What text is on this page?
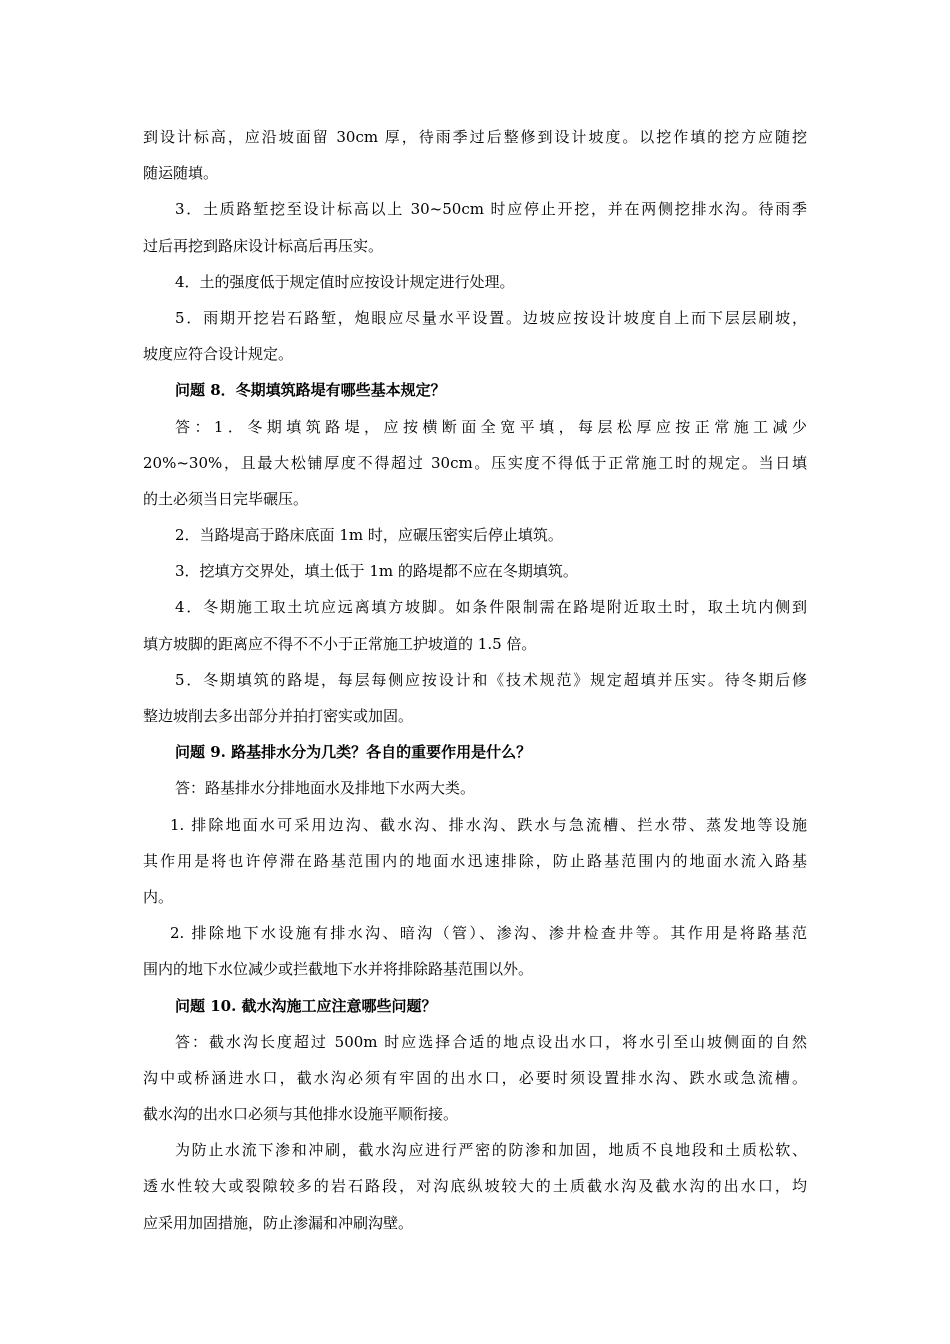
到设计标高，应沿坡面留 30cm 厚，待雨季过后整修到设计坡度。以挖作填的挖方应随挖
随运随填。
3．土质路堑挖至设计标高以上 30~50cm 时应停止开挖，并在两侧挖排水沟。待雨季
过后再挖到路床设计标高后再压实。
4．土的强度低于规定值时应按设计规定进行处理。
5．雨期开挖岩石路堑，炮眼应尽量水平设置。边坡应按设计坡度自上而下层层刷坡，
坡度应符合设计规定。
问题 8．冬期填筑路堤有哪些基本规定？
答：1．冬期填筑路堤，应按横断面全宽平填，每层松厚应按正常施工减少
20%~30%，且最大松铺厚度不得超过 30cm。压实度不得低于正常施工时的规定。当日填
的土必须当日完毕碾压。
2．当路堤高于路床底面 1m 时，应碾压密实后停止填筑。
3．挖填方交界处，填土低于 1m 的路堤都不应在冬期填筑。
4．冬期施工取土坑应远离填方坡脚。如条件限制需在路堤附近取土时，取土坑内侧到
填方坡脚的距离应不得不不小于正常施工护坡道的 1.5 倍。
5．冬期填筑的路堤，每层每侧应按设计和《技术规范》规定超填并压实。待冬期后修
整边坡削去多出部分并拍打密实或加固。
问题 9. 路基排水分为几类？各自的重要作用是什么？
答：路基排水分排地面水及排地下水两大类。
1. 排除地面水可采用边沟、截水沟、排水沟、跌水与急流槽、拦水带、蒸发地等设施
其作用是将也许停滞在路基范围内的地面水迅速排除，防止路基范围内的地面水流入路基
内。
2. 排除地下水设施有排水沟、暗沟（管）、渗沟、渗井检查井等。其作用是将路基范
围内的地下水位减少或拦截地下水并将排除路基范围以外。
问题 10. 截水沟施工应注意哪些问题？
答：截水沟长度超过 500m 时应选择合适的地点设出水口，将水引至山坡侧面的自然
沟中或桥涵进水口，截水沟必须有牢固的出水口，必要时须设置排水沟、跌水或急流槽。
截水沟的出水口必须与其他排水设施平顺衔接。
为防止水流下渗和冲刷，截水沟应进行严密的防渗和加固，地质不良地段和土质松软、
透水性较大或裂隙较多的岩石路段，对沟底纵坡较大的土质截水沟及截水沟的出水口，均
应采用加固措施，防止渗漏和冲刷沟壁。
